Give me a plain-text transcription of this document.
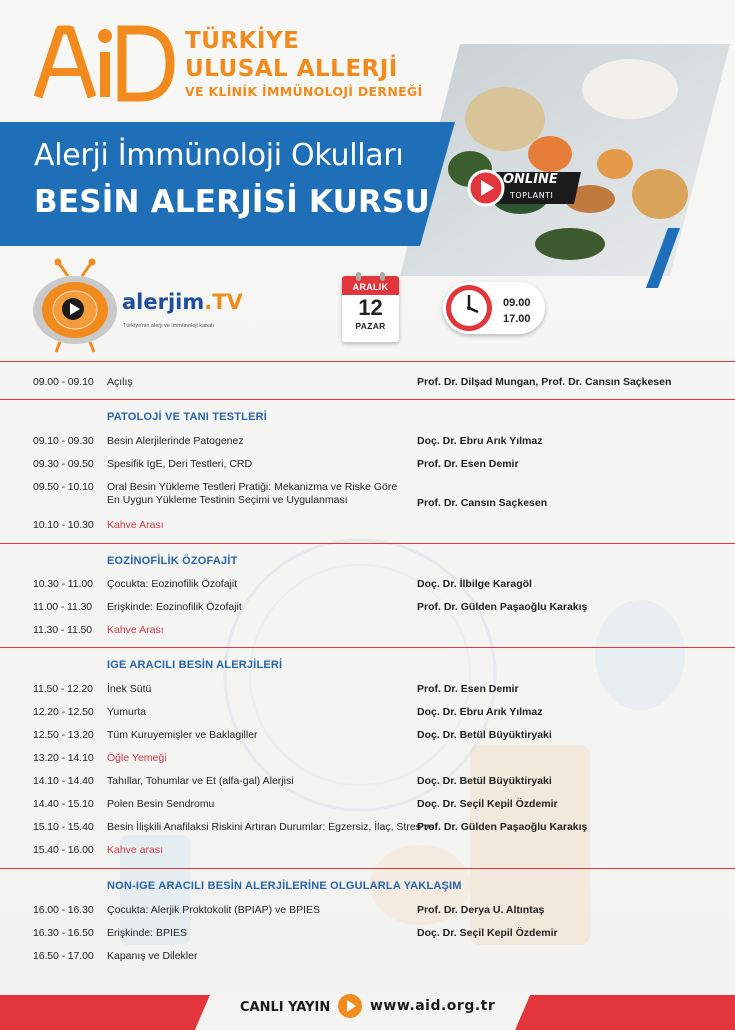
TÜRKİYE
ULUSAL ALLERJİ
VE KLİNİK İMMÜNOLOJİ DERNEĞİ
Alerji İmmünoloji Okulları
BESİN ALERJİSİ KURSU
ONLINE
TOPLANTI
alerjim.TV
Türkiye'nin alerji ve immünoloji kanalı
ARALIK
12
PAZAR
09.00
17.00
09.00 - 09.10	Açılış	Prof. Dr. Dilşad Mungan, Prof. Dr. Cansın Saçkesen
PATOLOJİ VE TANI TESTLERİ
09.10 - 09.30	Besin Alerjilerinde Patogenez	Doç. Dr. Ebru Arık Yılmaz
09.30 - 09.50	Spesifik IgE, Deri Testleri, CRD	Prof. Dr. Esen Demir
09.50 - 10.10	Oral Besin Yükleme Testleri Pratiği: Mekanizma ve Riske Göre En Uygun Yükleme Testinin Seçimi ve Uygulanması	Prof. Dr. Cansın Saçkesen
10.10 - 10.30	Kahve Arası
EOZİNOFİLİK ÖZOFAJİT
10.30 - 11.00	Çocukta: Eozinofilik Özofajit	Doç. Dr. İlbilge Karagöl
11.00 - 11.30	Erişkinde: Eozinofilik Özofajit	Prof. Dr. Gülden Paşaoğlu Karakış
11.30 - 11.50	Kahve Arası
IGE ARACILI BESİN ALERJİLERİ
11.50 - 12.20	İnek Sütü	Prof. Dr. Esen Demir
12.20 - 12.50	Yumurta	Doç. Dr. Ebru Arık Yılmaz
12.50 - 13.20	Tüm Kuruyemişler ve Baklagiller	Doç. Dr. Betül Büyüktiryaki
13.20 - 14.10	Öğle Yemeği
14.10 - 14.40	Tahıllar, Tohumlar ve Et (alfa-gal) Alerjisi	Doç. Dr. Betül Büyüktiryaki
14.40 - 15.10	Polen Besin Sendromu	Doç. Dr. Seçil Kepil Özdemir
15.10 - 15.40	Besin İlişkili Anafilaksi Riskini Artıran Durumlar: Egzersiz, İlaç, Stres vs.
Prof. Dr. Gülden Paşaoğlu Karakış
15.40 - 16.00	Kahve arası
NON-IGE ARACILI BESİN ALERJİLERİNE OLGULARLA YAKLAŞIM
16.00 - 16.30	Çocukta: Alerjik Proktokolit (BPIAP) ve BPIES	Prof. Dr. Derya U. Altıntaş
16.30 - 16.50	Erişkinde: BPIES	Doç. Dr. Seçil Kepil Özdemir
16.50 - 17.00	Kapanış ve Dilekler
CANLI YAYIN	www.aid.org.tr
